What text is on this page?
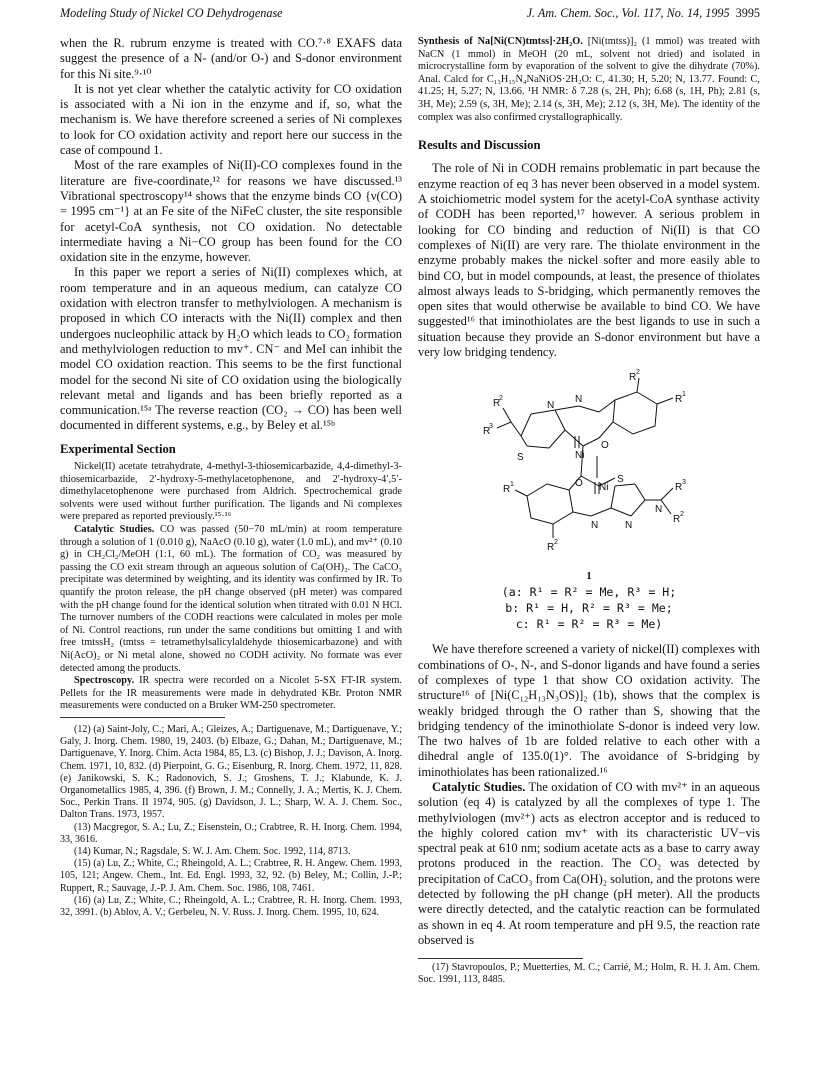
Modeling Study of Nickel CO Dehydrogenase	J. Am. Chem. Soc., Vol. 117, No. 14, 1995 3995

when the R. rubrum enzyme is treated with CO.⁷·⁸ EXAFS data suggest the presence of a N- (and/or O-) and S-donor environment for this Ni site.⁹·¹⁰

It is not yet clear whether the catalytic activity for CO oxidation is associated with a Ni ion in the enzyme and if, so, what the mechanism is. We have therefore screened a series of Ni complexes to look for CO oxidation activity and report here our success in the case of compound 1.

Most of the rare examples of Ni(II)-CO complexes found in the literature are five-coordinate,¹² for reasons we have discussed.¹³ Vibrational spectroscopy¹⁴ shows that the enzyme binds CO {ν(CO) = 1995 cm⁻¹} at an Fe site of the NiFeC cluster, the site responsible for acetyl-CoA synthesis, not CO oxidation. No detectable intermediate having a Ni−CO group has been found for the CO oxidation site in the enzyme, however.

In this paper we report a series of Ni(II) complexes which, at room temperature and in an aqueous medium, can catalyze CO oxidation with electron transfer to methylviologen. A mechanism is proposed in which CO interacts with the Ni(II) complex and then undergoes nucleophilic attack by H₂O which leads to CO₂ formation and methylviologen reduction to mv⁺. CN⁻ and MeI can inhibit the model CO oxidation reaction. This seems to be the first functional model for the second Ni site of CO oxidation using the biologically relevant metal and ligands and has been briefly reported as a communication.¹⁵ᵃ The reverse reaction (CO₂ → CO) has been well documented in different systems, e.g., by Beley et al.¹⁵ᵇ

Experimental Section

Nickel(II) acetate tetrahydrate, 4-methyl-3-thiosemicarbazide, 4,4-dimethyl-3-thiosemicarbazide, 2′-hydroxy-5-methylacetophenone, and 2′-hydroxy-4′,5′-dimethylacetophenone were purchased from Aldrich. Spectrochemical grade solvents were used without further purification. The ligands and Ni complexes were prepared as reported previously.¹⁵·¹⁶

Catalytic Studies. CO was passed (50−70 mL/min) at room temperature through a solution of 1 (0.010 g), NaAcO (0.10 g), water (1.0 mL), and mv²⁺ (0.10 g) in CH₂Cl₂/MeOH (1:1, 60 mL). The formation of CO₂ was measured by passing the CO exit stream through an aqueous solution of Ca(OH)₂. The CaCO₃ precipitate was determined by weighting, and its identity was confirmed by IR. To quantify the proton release, the pH change observed (pH meter) was compared with the pH change found for the identical solution when titrated with 0.01 N HCl. The turnover numbers of the CODH reactions were calculated in moles per mole of Ni. Control reactions, run under the same conditions but omitting 1 and with free tmtssH₂ (tmtss = tetramethylsalicylaldehyde thiosemicarbazone) and with Ni(AcO)₂ or Ni metal alone, showed no CODH activity. No formate was ever detected among the products.

Spectroscopy. IR spectra were recorded on a Nicolet 5-SX FT-IR system. Pellets for the IR measurements were made in dehydrated KBr. Proton NMR measurements were conducted on a Bruker WM-250 spectrometer.

(12) (a) Saint-Joly, C.; Mari, A.; Gleizes, A.; Dartiguenave, M.; Dartiguenave, Y.; Galy, J. Inorg. Chem. 1980, 19, 2403. (b) Elbaze, G.; Dahan, M.; Dartiguenave, M.; Dartiguenave, Y. Inorg. Chim. Acta 1984, 85, L3. (c) Bishop, J. J.; Davison, A. Inorg. Chem. 1971, 10, 832. (d) Pierpoint, G. G.; Eisenburg, R. Inorg. Chem. 1972, 11, 828. (e) Janikowski, S. K.; Radonovich, S. J.; Groshens, T. J.; Klabunde, K. J. Organometallics 1985, 4, 396. (f) Brown, J. M.; Connelly, J. A.; Mertis, K. J. Chem. Soc., Perkin Trans. II 1974, 905. (g) Davidson, J. L.; Sharp, W. A. J. Chem. Soc., Dalton Trans. 1973, 1957.

(13) Macgregor, S. A.; Lu, Z.; Eisenstein, O.; Crabtree, R. H. Inorg. Chem. 1994, 33, 3616.

(14) Kumar, N.; Ragsdale, S. W. J. Am. Chem. Soc. 1992, 114, 8713.

(15) (a) Lu, Z.; White, C.; Rheingold, A. L.; Crabtree, R. H. Angew. Chem. 1993, 105, 121; Angew. Chem., Int. Ed. Engl. 1993, 32, 92. (b) Beley, M.; Collin, J.-P.; Ruppert, R.; Sauvage, J.-P. J. Am. Chem. Soc. 1986, 108, 7461.

(16) (a) Lu, Z.; White, C.; Rheingold, A. L.; Crabtree, R. H. Inorg. Chem. 1993, 32, 3991. (b) Ablov, A. V.; Gerbeleu, N. V. Russ. J. Inorg. Chem. 1995, 10, 624.

Synthesis of Na[Ni(CN)tmtss]·2H₂O. [Ni(tmtss)]₂ (1 mmol) was treated with NaCN (1 mmol) in MeOH (20 mL, solvent not dried) and isolated in microcrystalline form by evaporation of the solvent to give the dihydrate (70%). Anal. Calcd for C₁₃H₁₅N₄NaNiOS·2H₂O: C, 41.30; H, 5.20; N, 13.77. Found: C, 41.25; H, 5.27; N, 13.66. ¹H NMR: δ 7.28 (s, 2H, Ph); 6.68 (s, 1H, Ph); 2.81 (s, 3H, Me); 2.59 (s, 3H, Me); 2.14 (s, 3H, Me); 2.12 (s, 3H, Me). The identity of the complex was also confirmed crystallographically.

Results and Discussion

The role of Ni in CODH remains problematic in part because the enzyme reaction of eq 3 has never been observed in a model system. A stoichiometric model system for the acetyl-CoA synthase activity of CODH has been reported,¹⁷ however. A serious problem in looking for CO binding and reduction of Ni(II) is that CO complexes of Ni(II) are very rare. The thiolate environment in the enzyme probably makes the nickel softer and more easily able to bind CO, but in model compounds, at least, the presence of thiolates almost always leads to S-bridging, which permanently removes the open sites that would otherwise be available to bind CO. We have suggested¹⁶ that iminothiolates are the best ligands to use in such a situation because they provide an S-donor environment but have a very low bridging tendency.

R
2
R
3
R 2
R 1
S
N
N
Ni
O
O Ni
S
N	N
N
R 1
R 2
R 3
R 2
1
(a: R¹ = R² = Me, R³ = H;
b: R¹ = H, R² = R³ = Me;
c: R¹ = R² = R³ = Me)

We have therefore screened a variety of nickel(II) complexes with combinations of O-, N-, and S-donor ligands and have found a series of complexes of type 1 that show CO oxidation activity. The structure¹⁶ of [Ni(C₁₂H₁₃N₃OS)]₂ (1b), shows that the complex is weakly bridged through the O rather than S, showing that the bridging tendency of the iminothiolate S-donor is indeed very low. The two halves of 1b are folded relative to each other with a dihedral angle of 135.0(1)°. The avoidance of S-bridging by iminothiolates has been rationalized.¹⁶

Catalytic Studies. The oxidation of CO with mv²⁺ in an aqueous solution (eq 4) is catalyzed by all the complexes of type 1. The methylviologen (mv²⁺) acts as electron acceptor and is reduced to the highly colored cation mv⁺ with its characteristic UV−vis spectral peak at 610 nm; sodium acetate acts as a base to carry away protons produced in the reaction. The CO₂ was detected by precipitation of CaCO₃ from Ca(OH)₂ solution, and the protons were detected by following the pH change (pH meter). All the products were directly detected, and the catalytic reaction can be formulated as shown in eq 4. At room temperature and pH 9.5, the reaction rate observed is

(17) Stavropoulos, P.; Muetterties, M. C.; Carrié, M.; Holm, R. H. J. Am. Chem. Soc. 1991, 113, 8485.
